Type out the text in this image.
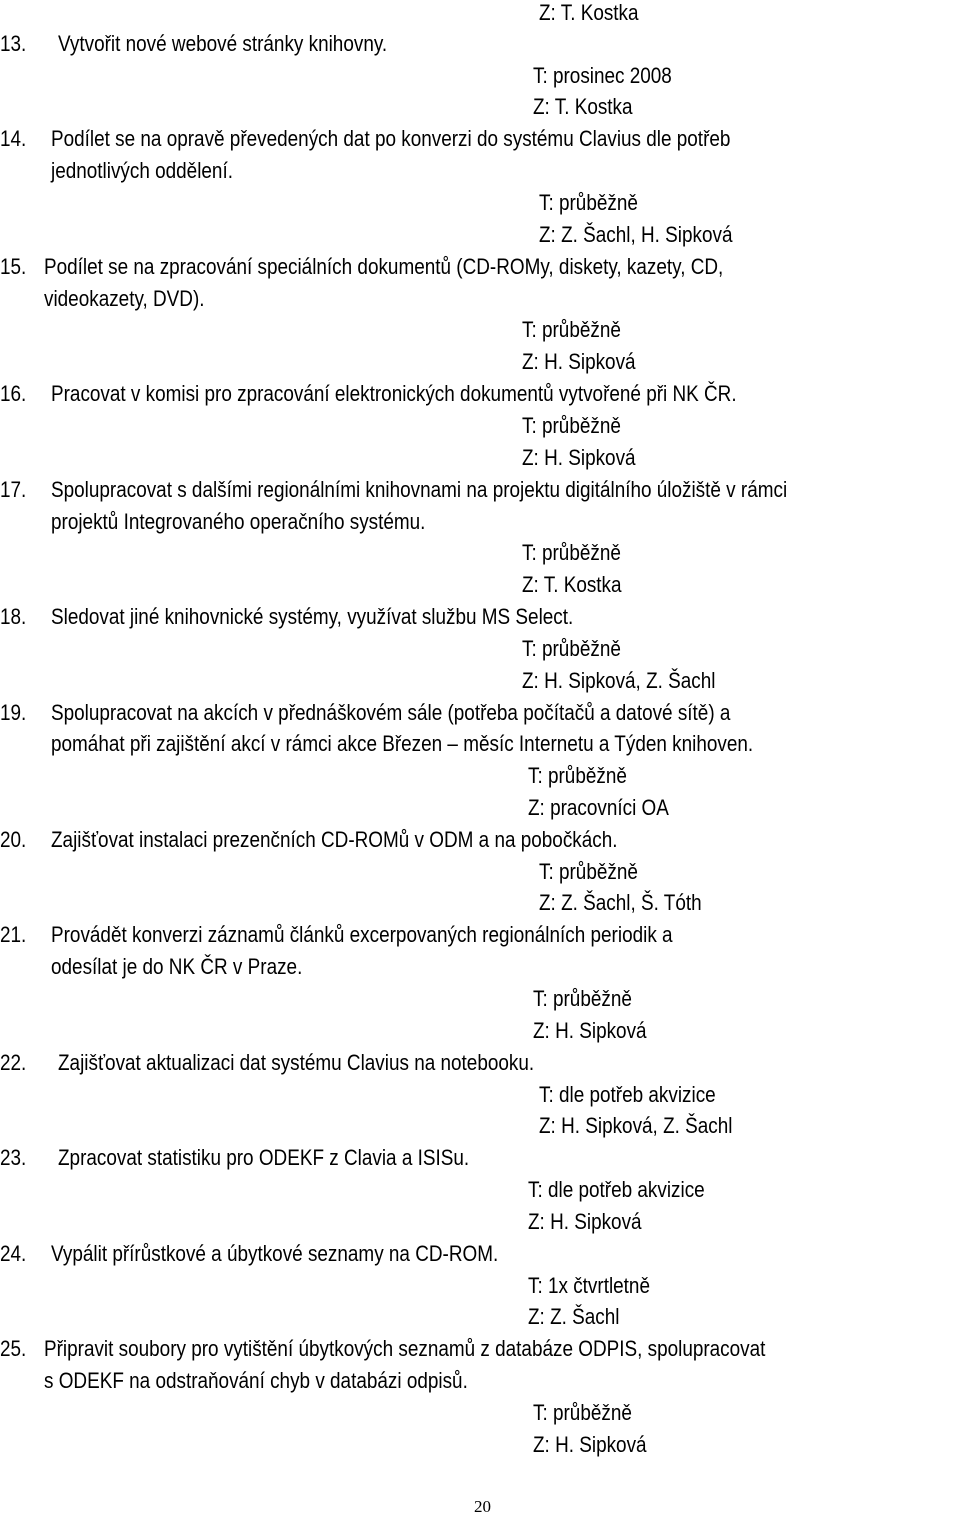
Z: T. Kostka
13. Vytvořit nové webové stránky knihovny.
T: prosinec 2008
Z: T. Kostka
14. Podílet se na opravě převedených dat po konverzi do systému Clavius dle potřeb
jednotlivých oddělení.
T: průběžně
Z: Z. Šachl, H. Sipková
15. Podílet se na zpracování speciálních dokumentů (CD-ROMy, diskety, kazety, CD,
videokazety, DVD).
T: průběžně
Z: H. Sipková
16. Pracovat v komisi pro zpracování elektronických dokumentů vytvořené při NK ČR.
T: průběžně
Z: H. Sipková
17. Spolupracovat s dalšími regionálními knihovnami na projektu digitálního úložiště v rámci
projektů Integrovaného operačního systému.
T: průběžně
Z: T. Kostka
18. Sledovat jiné knihovnické systémy, využívat službu MS Select.
T: průběžně
Z: H. Sipková, Z. Šachl
19. Spolupracovat na akcích v přednáškovém sále (potřeba počítačů a datové sítě) a
pomáhat při zajištění akcí v rámci akce Březen – měsíc Internetu a Týden knihoven.
T: průběžně
Z: pracovníci OA
20. Zajišťovat instalaci prezenčních CD-ROMů v ODM a na pobočkách.
T: průběžně
Z: Z. Šachl, Š. Tóth
21. Provádět konverzi záznamů článků excerpovaných regionálních periodik a
odesílat je do NK ČR v Praze.
T: průběžně
Z: H. Sipková
22. Zajišťovat aktualizaci dat systému Clavius na notebooku.
T: dle potřeb akvizice
Z: H. Sipková, Z. Šachl
23. Zpracovat statistiku pro ODEKF z Clavia a ISISu.
T: dle potřeb akvizice
Z: H. Sipková
24. Vypálit přírůstkové a úbytkové seznamy na CD-ROM.
T: 1x čtvrtletně
Z: Z. Šachl
25. Připravit soubory pro vytištění úbytkových seznamů z databáze ODPIS, spolupracovat
s ODEKF na odstraňování chyb v databázi odpisů.
T: průběžně
Z: H. Sipková
20
